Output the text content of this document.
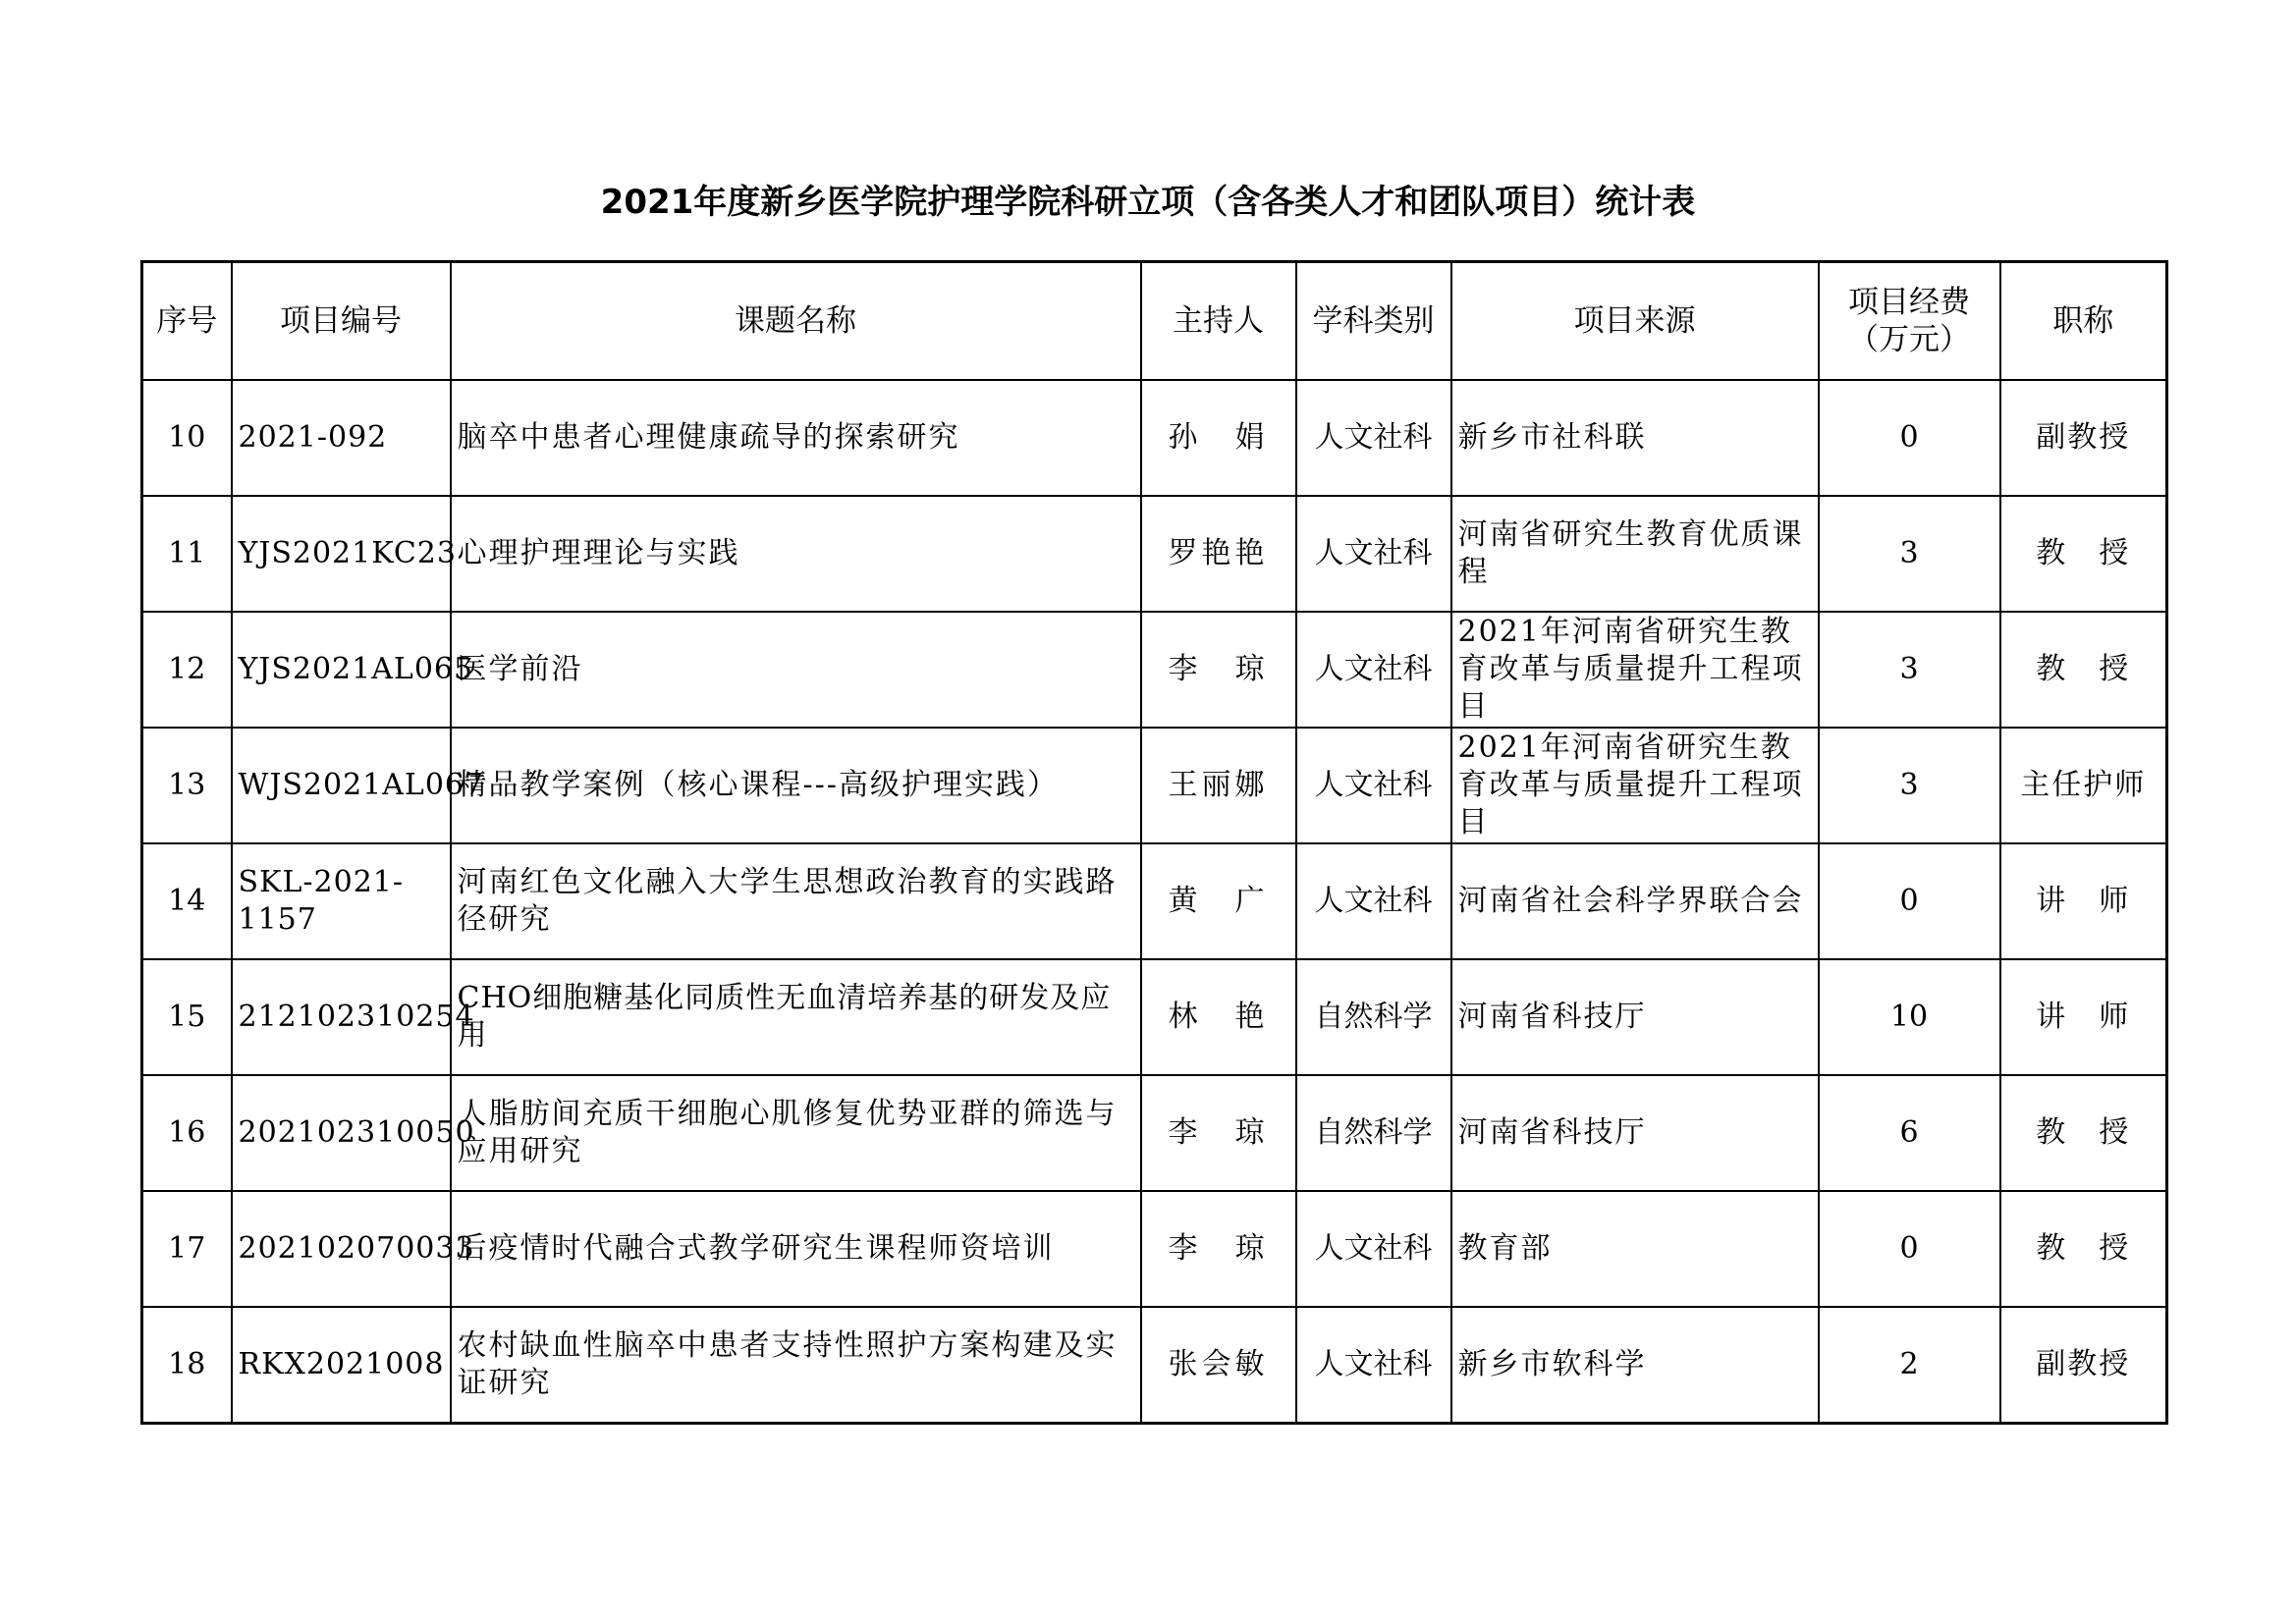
2021年度新乡医学院护理学院科研立项（含各类人才和团队项目）统计表
序号	项目编号	课题名称	主持人	学科类别	项目来源	项目经费（万元）	职称
10	2021-092	脑卒中患者心理健康疏导的探索研究	孙　娟	人文社科	新乡市社科联	0	副教授
11	YJS2021KC23	心理护理理论与实践	罗艳艳	人文社科	河南省研究生教育优质课程	3	教　授
12	YJS2021AL065	医学前沿	李　琼	人文社科	2021年河南省研究生教育改革与质量提升工程项目	3	教　授
13	WJS2021AL067	精品教学案例（核心课程---高级护理实践）	王丽娜	人文社科	2021年河南省研究生教育改革与质量提升工程项目	3	主任护师
14	SKL-2021-1157	河南红色文化融入大学生思想政治教育的实践路径研究	黄　广	人文社科	河南省社会科学界联合会	0	讲　师
15	212102310254	CHO细胞糖基化同质性无血清培养基的研发及应用	林　艳	自然科学	河南省科技厅	10	讲　师
16	202102310050	人脂肪间充质干细胞心肌修复优势亚群的筛选与应用研究	李　琼	自然科学	河南省科技厅	6	教　授
17	202102070033	后疫情时代融合式教学研究生课程师资培训	李　琼	人文社科	教育部	0	教　授
18	RKX2021008	农村缺血性脑卒中患者支持性照护方案构建及实证研究	张会敏	人文社科	新乡市软科学	2	副教授
